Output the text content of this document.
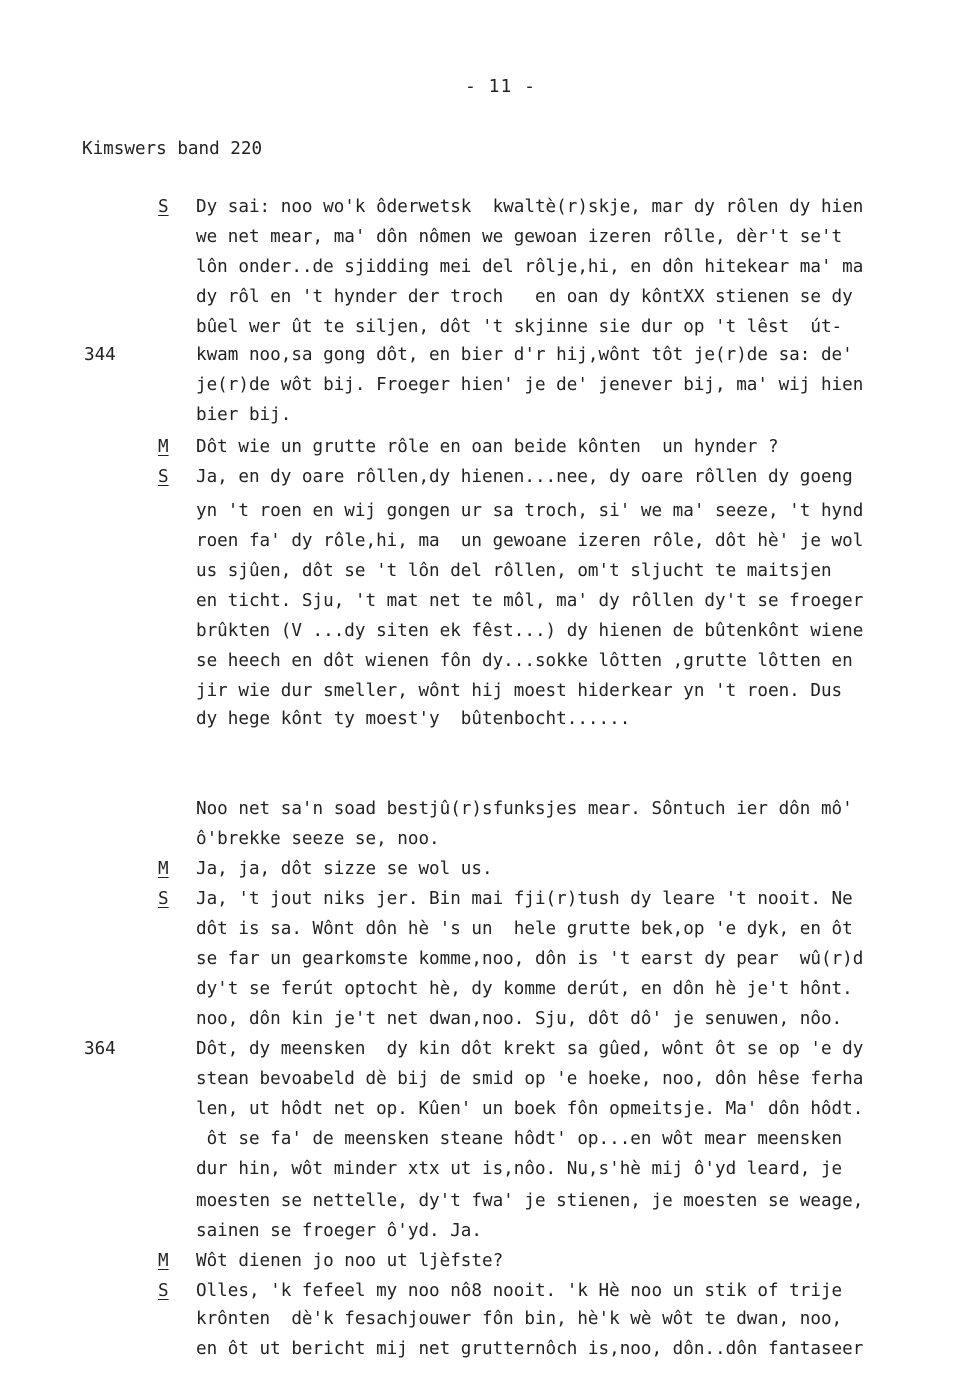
- 11 -
Kimswers band 220
S Dy sai: noo wo'k ôderwetsk  kwaltè(r)skje, mar dy rôlen dy hien
we net mear, ma' dôn nômen we gewoan izeren rôlle, dèr't se't
lôn onder..de sjidding mei del rôlje,hi, en dôn hitekear ma' ma
dy rôl en 't hynder der troch   en oan dy kôntXX stienen se dy
bûel wer ût te siljen, dôt 't skjinne sie dur op 't lêst  út-
344	kwam noo,sa gong dôt, en bier d'r hij,wônt tôt je(r)de sa: de'
je(r)de wôt bij. Froeger hien' je de' jenever bij, ma' wij hien
bier bij.
M Dôt wie un grutte rôle en oan beide kônten  un hynder ?
S Ja, en dy oare rôllen,dy hienen...nee, dy oare rôllen dy goeng
yn 't roen en wij gongen ur sa troch, si' we ma' seeze, 't hynd
roen fa' dy rôle,hi, ma  un gewoane izeren rôle, dôt hè' je wol
us sjûen, dôt se 't lôn del rôllen, om't sljucht te maitsjen
en ticht. Sju, 't mat net te môl, ma' dy rôllen dy't se froeger
brûkten (V ...dy siten ek fêst...) dy hienen de bûtenkônt wiene
se heech en dôt wienen fôn dy...sokke lôtten ,grutte lôtten en
jir wie dur smeller, wônt hij moest hiderkear yn 't roen. Dus
dy hege kônt ty moest'y  bûtenbocht......
Noo net sa'n soad bestjû(r)sfunksjes mear. Sôntuch ier dôn mô'
ô'brekke seeze se, noo.
M Ja, ja, dôt sizze se wol us.
S Ja, 't jout niks jer. Bin mai fji(r)tush dy leare 't nooit. Ne
dôt is sa. Wônt dôn hè 's un  hele grutte bek,op 'e dyk, en ôt
se far un gearkomste komme,noo, dôn is 't earst dy pear  wû(r)d
dy't se ferút optocht hè, dy komme derút, en dôn hè je't hônt.
noo, dôn kin je't net dwan,noo. Sju, dôt dô' je senuwen, nôo.
364	Dôt, dy meensken  dy kin dôt krekt sa gûed, wônt ôt se op 'e dy
stean bevoabeld dè bij de smid op 'e hoeke, noo, dôn hêse ferha
len, ut hôdt net op. Kûen' un boek fôn opmeitsje. Ma' dôn hôdt.
ôt se fa' de meensken steane hôdt' op...en wôt mear meensken
dur hin, wôt minder xtx ut is,nôo. Nu,s'hè mij ô'yd leard, je
moesten se nettelle, dy't fwa' je stienen, je moesten se weage,
sainen se froeger ô'yd. Ja.
M Wôt dienen jo noo ut ljèfste?
S Olles, 'k fefeel my noo nô8 nooit. 'k Hè noo un stik of trije
krônten  dè'k fesachjouwer fôn bin, hè'k wè wôt te dwan, noo,
en ôt ut bericht mij net grutternôch is,noo, dôn..dôn fantaseer
